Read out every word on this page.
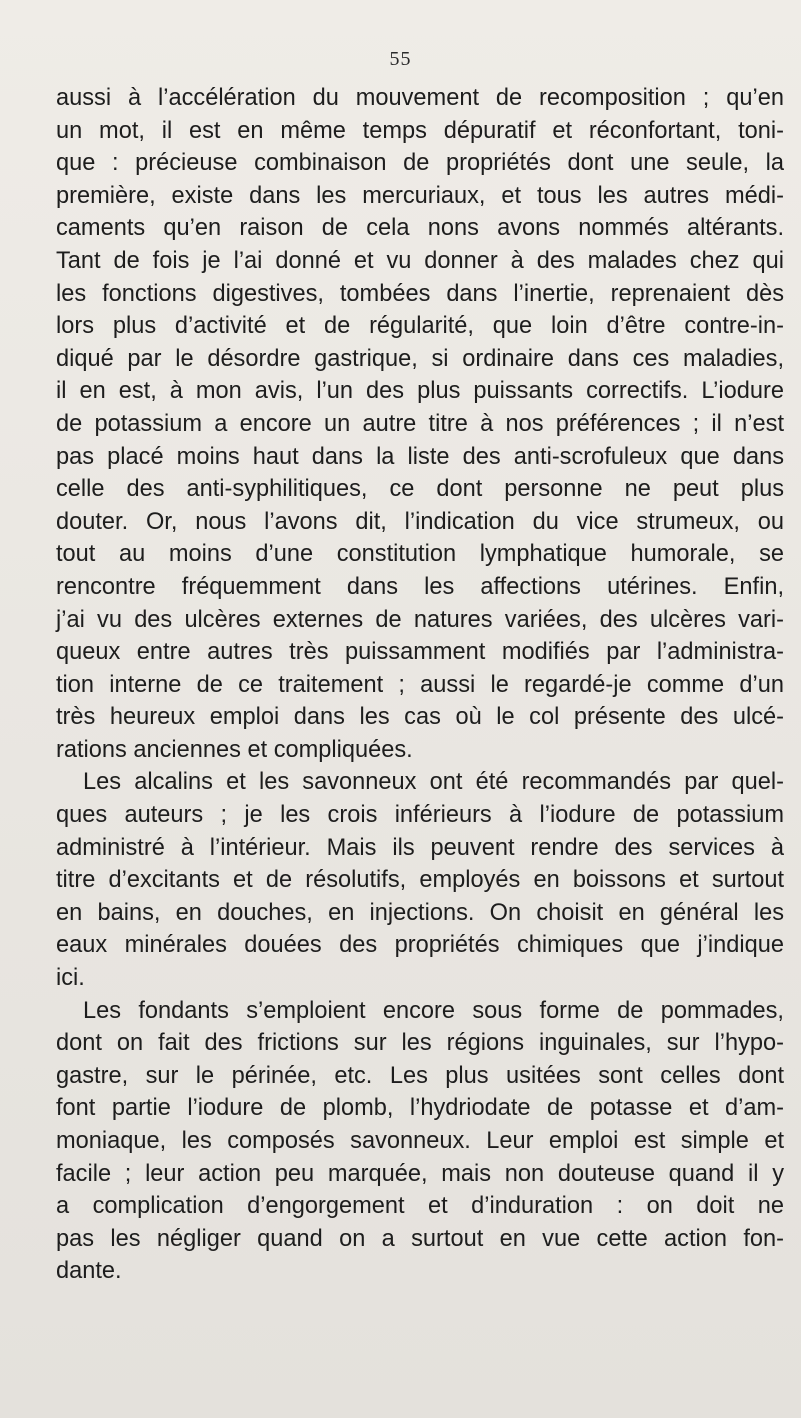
55
aussi à l’accélération du mouvement de recomposition ; qu’en
un mot, il est en même temps dépuratif et réconfortant, toni-
que : précieuse combinaison de propriétés dont une seule, la
première, existe dans les mercuriaux, et tous les autres médi-
caments qu’en raison de cela nons avons nommés altérants.
Tant de fois je l’ai donné et vu donner à des malades chez qui
les fonctions digestives, tombées dans l’inertie, reprenaient dès
lors plus d’activité et de régularité, que loin d’être contre-in-
diqué par le désordre gastrique, si ordinaire dans ces maladies,
il en est, à mon avis, l’un des plus puissants correctifs. L’iodure
de potassium a encore un autre titre à nos préférences ; il n’est
pas placé moins haut dans la liste des anti-scrofuleux que dans
celle des anti-syphilitiques, ce dont personne ne peut plus
douter. Or, nous l’avons dit, l’indication du vice strumeux, ou
tout au moins d’une constitution lymphatique humorale, se
rencontre fréquemment dans les affections utérines. Enfin,
j’ai vu des ulcères externes de natures variées, des ulcères vari-
queux entre autres très puissamment modifiés par l’administra-
tion interne de ce traitement ; aussi le regardé-je comme d’un
très heureux emploi dans les cas où le col présente des ulcé-
rations anciennes et compliquées.
Les alcalins et les savonneux ont été recommandés par quel-
ques auteurs ; je les crois inférieurs à l’iodure de potassium
administré à l’intérieur. Mais ils peuvent rendre des services à
titre d’excitants et de résolutifs, employés en boissons et surtout
en bains, en douches, en injections. On choisit en général les
eaux minérales douées des propriétés chimiques que j’indique
ici.
Les fondants s’emploient encore sous forme de pommades,
dont on fait des frictions sur les régions inguinales, sur l’hypo-
gastre, sur le périnée, etc. Les plus usitées sont celles dont
font partie l’iodure de plomb, l’hydriodate de potasse et d’am-
moniaque, les composés savonneux. Leur emploi est simple et
facile ; leur action peu marquée, mais non douteuse quand il y
a complication d’engorgement et d’induration : on doit ne
pas les négliger quand on a surtout en vue cette action fon-
dante.
